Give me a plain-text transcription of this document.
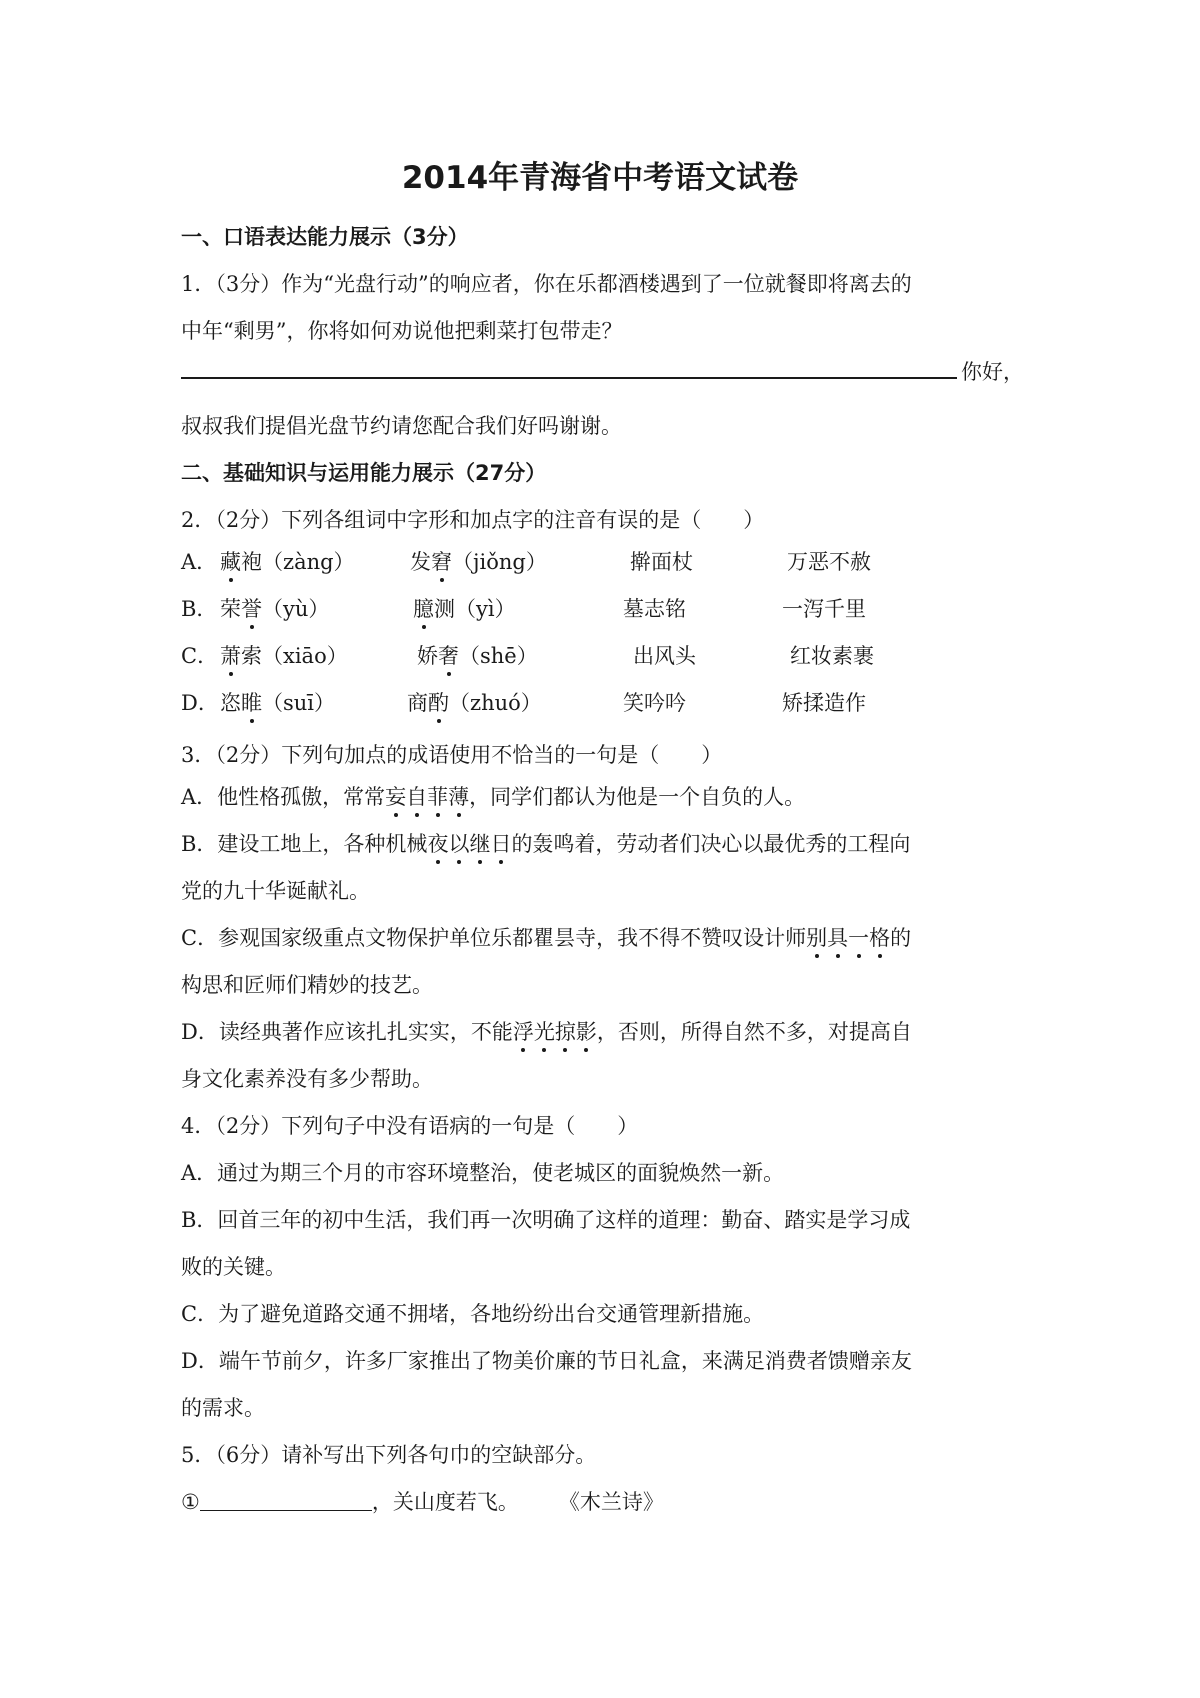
2014年青海省中考语文试卷
一、口语表达能力展示（3分）
1．（3分）作为“光盘行动”的响应者，你在乐都酒楼遇到了一位就餐即将离去的
中年“剩男”，你将如何劝说他把剩菜打包带走？
你好，
叔叔我们提倡光盘节约请您配合我们好吗谢谢。
二、基础知识与运用能力展示（27分）
2．（2分）下列各组词中字形和加点字的注音有误的是（　　）
A． 藏袍（zàng）	发窘（jiǒng）	擀面杖	万恶不赦
B． 荣誉（yù）	臆测（yì）	墓志铭	一泻千里
C． 萧索（xiāo）	娇奢（shē）	出风头	红妆素裹
D． 恣睢（suī）	商酌（zhuó）	笑吟吟	矫揉造作
3．（2分）下列句加点的成语使用不恰当的一句是（　　）
A．他性格孤傲，常常妄自菲薄，同学们都认为他是一个自负的人。
B．建设工地上，各种机械夜以继日的轰鸣着，劳动者们决心以最优秀的工程向
党的九十华诞献礼。
C．参观国家级重点文物保护单位乐都瞿昙寺，我不得不赞叹设计师别具一格的
构思和匠师们精妙的技艺。
D．读经典著作应该扎扎实实，不能浮光掠影，否则，所得自然不多，对提高自
身文化素养没有多少帮助。
4．（2分）下列句子中没有语病的一句是（　　）
A．通过为期三个月的市容环境整治，使老城区的面貌焕然一新。
B．回首三年的初中生活，我们再一次明确了这样的道理：勤奋、踏实是学习成
败的关键。
C．为了避免道路交通不拥堵，各地纷纷出台交通管理新措施。
D．端午节前夕，许多厂家推出了物美价廉的节日礼盒，来满足消费者馈赠亲友
的需求。
5．（6分）请补写出下列各句巾的空缺部分。
①	，关山度若飞。 《木兰诗》
